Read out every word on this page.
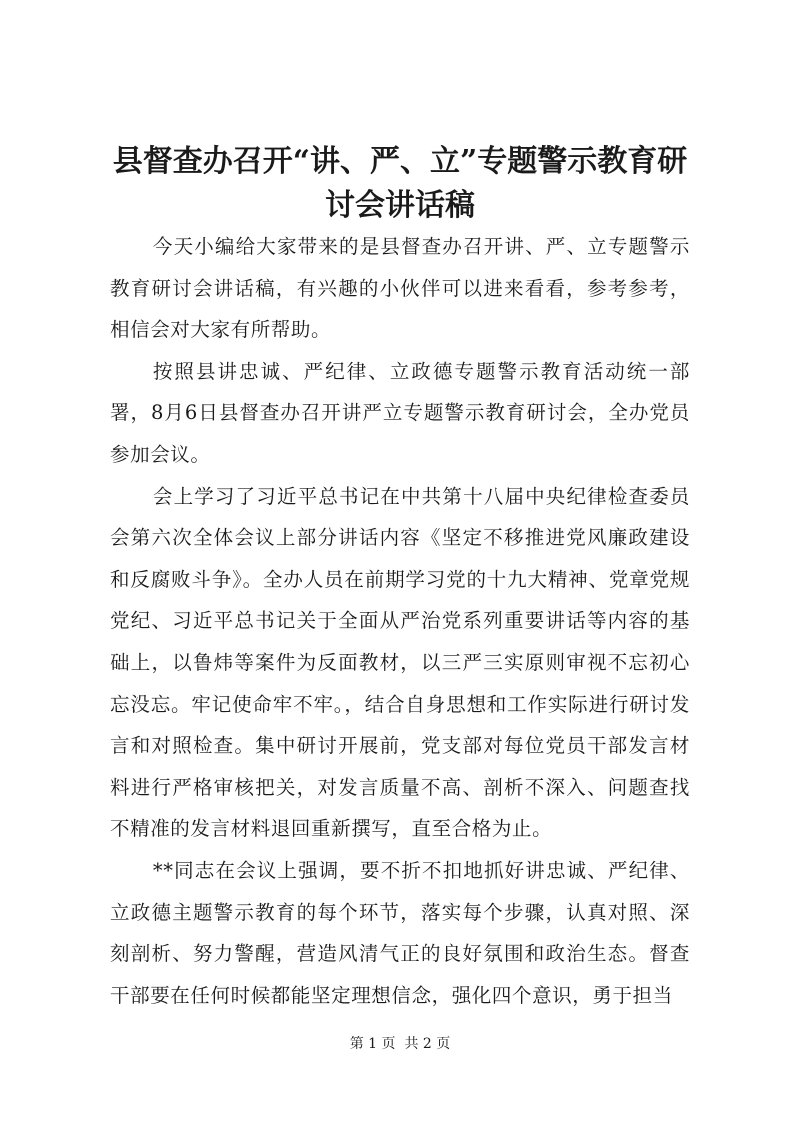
县督查办召开“讲、严、立”专题警示教育研讨会讲话稿

今天小编给大家带来的是县督查办召开讲、严、立专题警示教育研讨会讲话稿，有兴趣的小伙伴可以进来看看，参考参考，相信会对大家有所帮助。

按照县讲忠诚、严纪律、立政德专题警示教育活动统一部署，8月6日县督查办召开讲严立专题警示教育研讨会，全办党员参加会议。

会上学习了习近平总书记在中共第十八届中央纪律检查委员会第六次全体会议上部分讲话内容《坚定不移推进党风廉政建设和反腐败斗争》。全办人员在前期学习党的十九大精神、党章党规党纪、习近平总书记关于全面从严治党系列重要讲话等内容的基础上，以鲁炜等案件为反面教材，以三严三实原则审视不忘初心忘没忘。牢记使命牢不牢。，结合自身思想和工作实际进行研讨发言和对照检查。集中研讨开展前，党支部对每位党员干部发言材料进行严格审核把关，对发言质量不高、剖析不深入、问题查找不精准的发言材料退回重新撰写，直至合格为止。

**同志在会议上强调，要不折不扣地抓好讲忠诚、严纪律、立政德主题警示教育的每个环节，落实每个步骤，认真对照、深刻剖析、努力警醒，营造风清气正的良好氛围和政治生态。督查干部要在任何时候都能坚定理想信念，强化四个意识，勇于担当

第 1 页 共 2 页
